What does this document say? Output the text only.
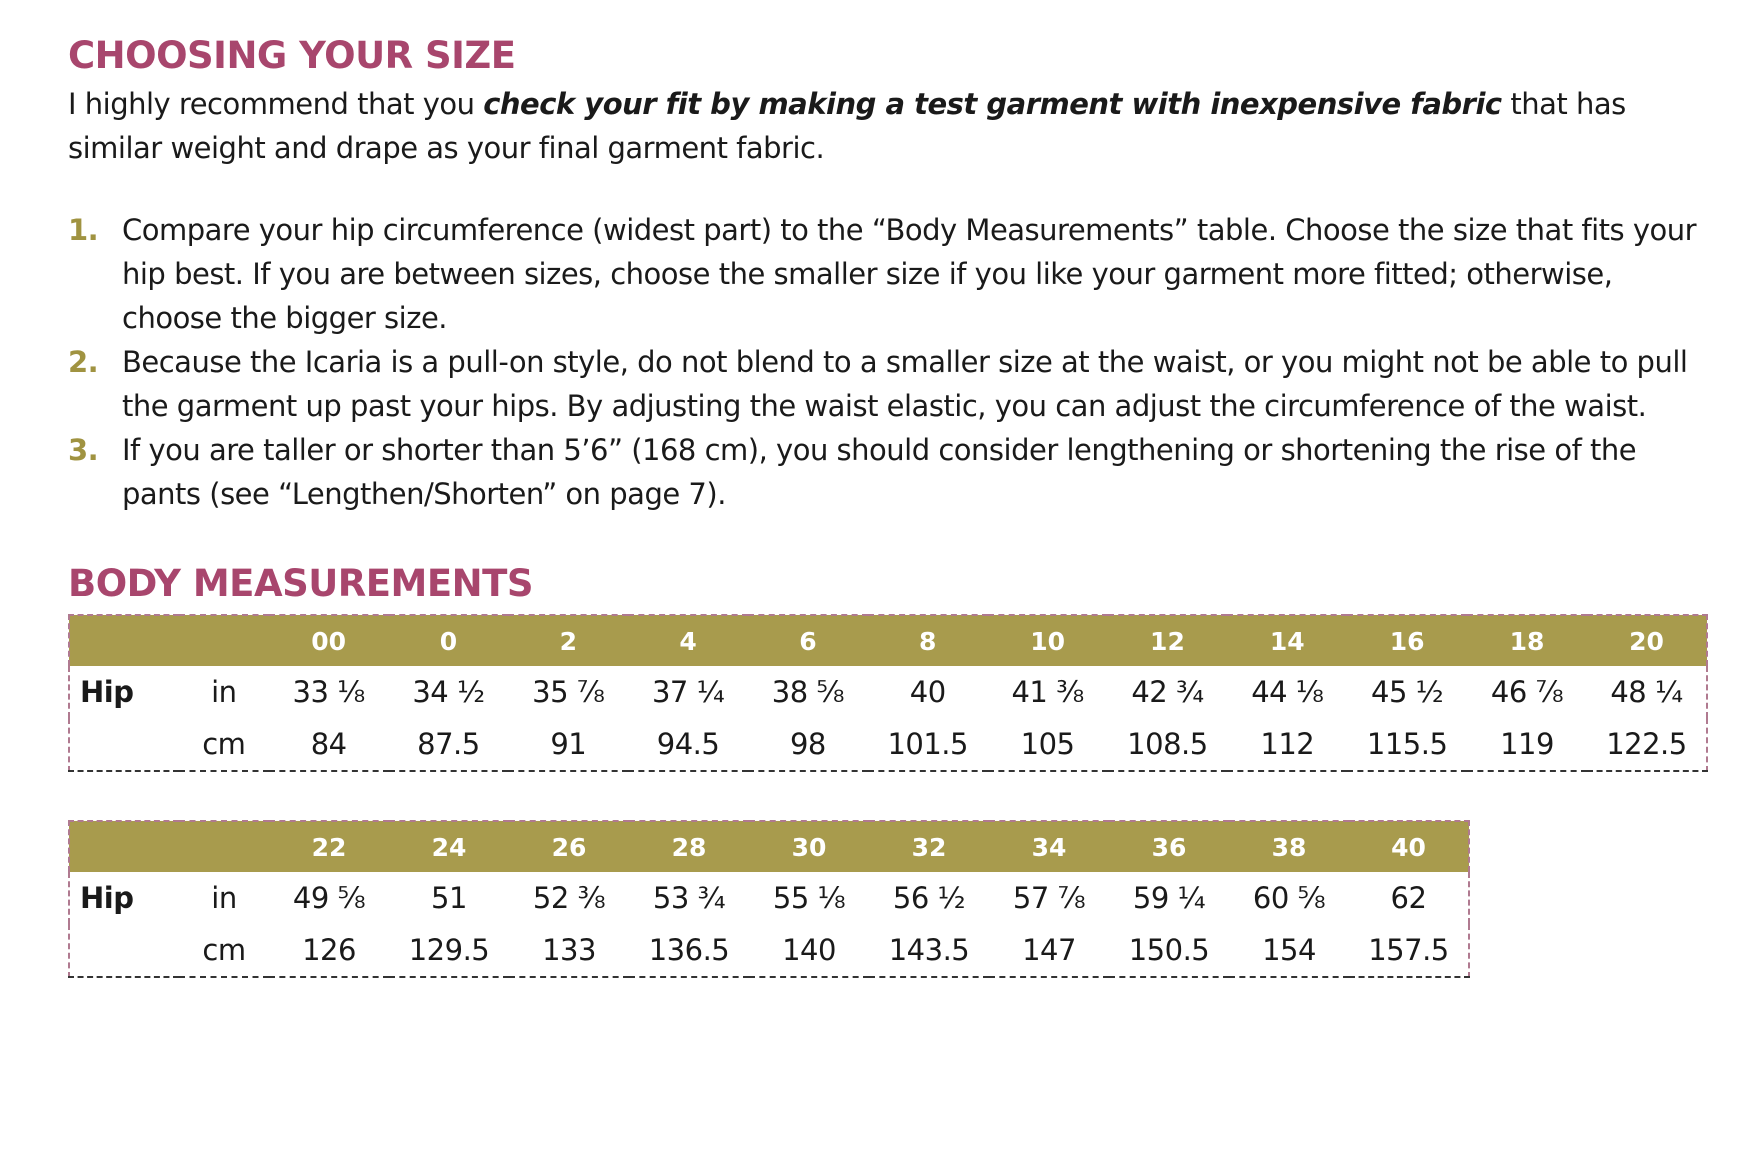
CHOOSING YOUR SIZE

I highly recommend that you check your fit by making a test garment with inexpensive fabric that has similar weight and drape as your final garment fabric.

1. Compare your hip circumference (widest part) to the “Body Measurements” table. Choose the size that fits your hip best. If you are between sizes, choose the smaller size if you like your garment more fitted; otherwise, choose the bigger size.
2. Because the Icaria is a pull-on style, do not blend to a smaller size at the waist, or you might not be able to pull the garment up past your hips. By adjusting the waist elastic, you can adjust the circumference of the waist.
3. If you are taller or shorter than 5’6” (168 cm), you should consider lengthening or shortening the rise of the pants (see “Lengthen/Shorten” on page 7).
BODY MEASUREMENTS
		00	0	2	4	6	8	10	12	14	16	18	20
Hip	in	33 ⅛	34 ½	35 ⅞	37 ¼	38 ⅝	40	41 ⅜	42 ¾	44 ⅛	45 ½	46 ⅞	48 ¼
	cm	84	87.5	91	94.5	98	101.5	105	108.5	112	115.5	119	122.5
		22	24	26	28	30	32	34	36	38	40
Hip	in	49 ⅝	51	52 ⅜	53 ¾	55 ⅛	56 ½	57 ⅞	59 ¼	60 ⅝	62
	cm	126	129.5	133	136.5	140	143.5	147	150.5	154	157.5
